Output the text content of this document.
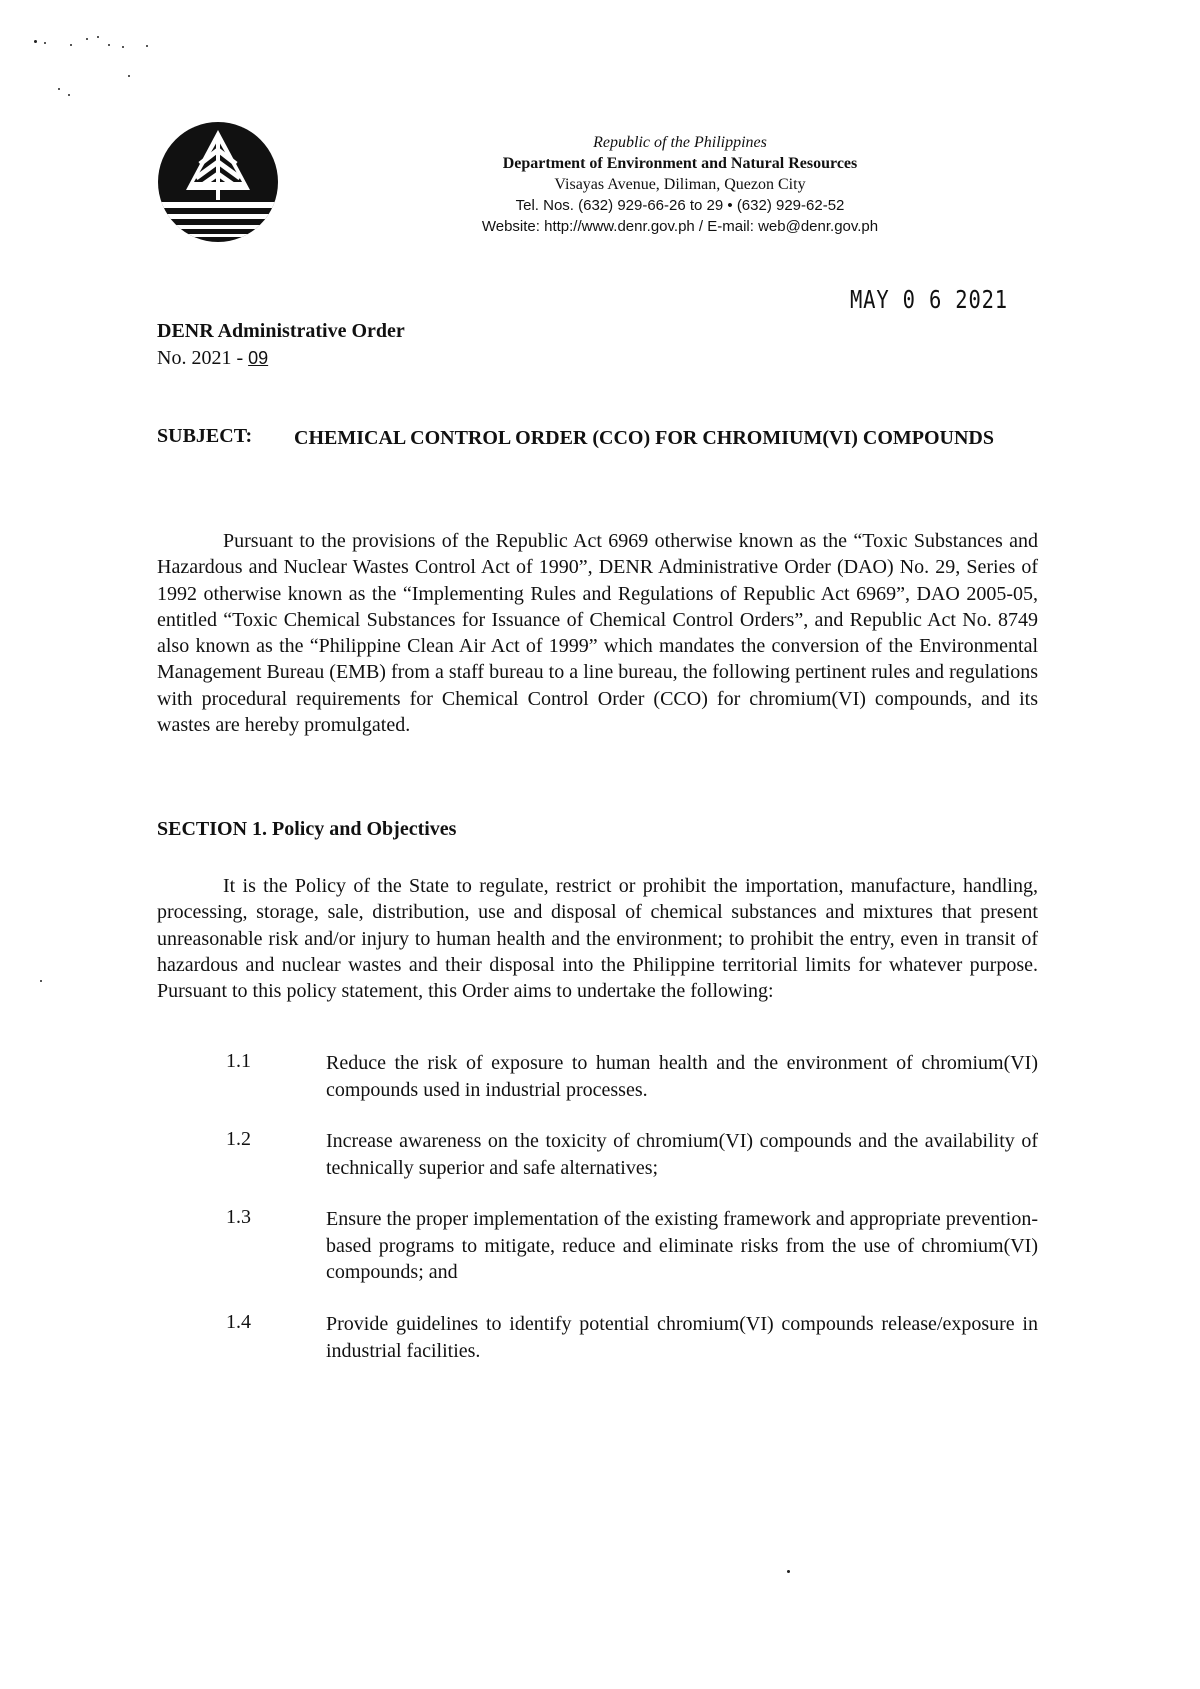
Republic of the Philippines
Department of Environment and Natural Resources
Visayas Avenue, Diliman, Quezon City
Tel. Nos. (632) 929-66-26 to 29 • (632) 929-62-52
Website: http://www.denr.gov.ph / E-mail: web@denr.gov.ph
MAY 0 6 2021
DENR Administrative Order
No. 2021 - 09
SUBJECT: CHEMICAL CONTROL ORDER (CCO) FOR CHROMIUM(VI) COMPOUNDS

Pursuant to the provisions of the Republic Act 6969 otherwise known as the “Toxic Substances and Hazardous and Nuclear Wastes Control Act of 1990”, DENR Administrative Order (DAO) No. 29, Series of 1992 otherwise known as the “Implementing Rules and Regulations of Republic Act 6969”, DAO 2005-05, entitled “Toxic Chemical Substances for Issuance of Chemical Control Orders”, and Republic Act No. 8749 also known as the “Philippine Clean Air Act of 1999” which mandates the conversion of the Environmental Management Bureau (EMB) from a staff bureau to a line bureau, the following pertinent rules and regulations with procedural requirements for Chemical Control Order (CCO) for chromium(VI) compounds, and its wastes are hereby promulgated.

SECTION 1. Policy and Objectives

It is the Policy of the State to regulate, restrict or prohibit the importation, manufacture, handling, processing, storage, sale, distribution, use and disposal of chemical substances and mixtures that present unreasonable risk and/or injury to human health and the environment; to prohibit the entry, even in transit of hazardous and nuclear wastes and their disposal into the Philippine territorial limits for whatever purpose. Pursuant to this policy statement, this Order aims to undertake the following:

1.1	Reduce the risk of exposure to human health and the environment of chromium(VI) compounds used in industrial processes.
1.2	Increase awareness on the toxicity of chromium(VI) compounds and the availability of technically superior and safe alternatives;
1.3	Ensure the proper implementation of the existing framework and appropriate prevention-based programs to mitigate, reduce and eliminate risks from the use of chromium(VI) compounds; and
1.4	Provide guidelines to identify potential chromium(VI) compounds release/exposure in industrial facilities.
